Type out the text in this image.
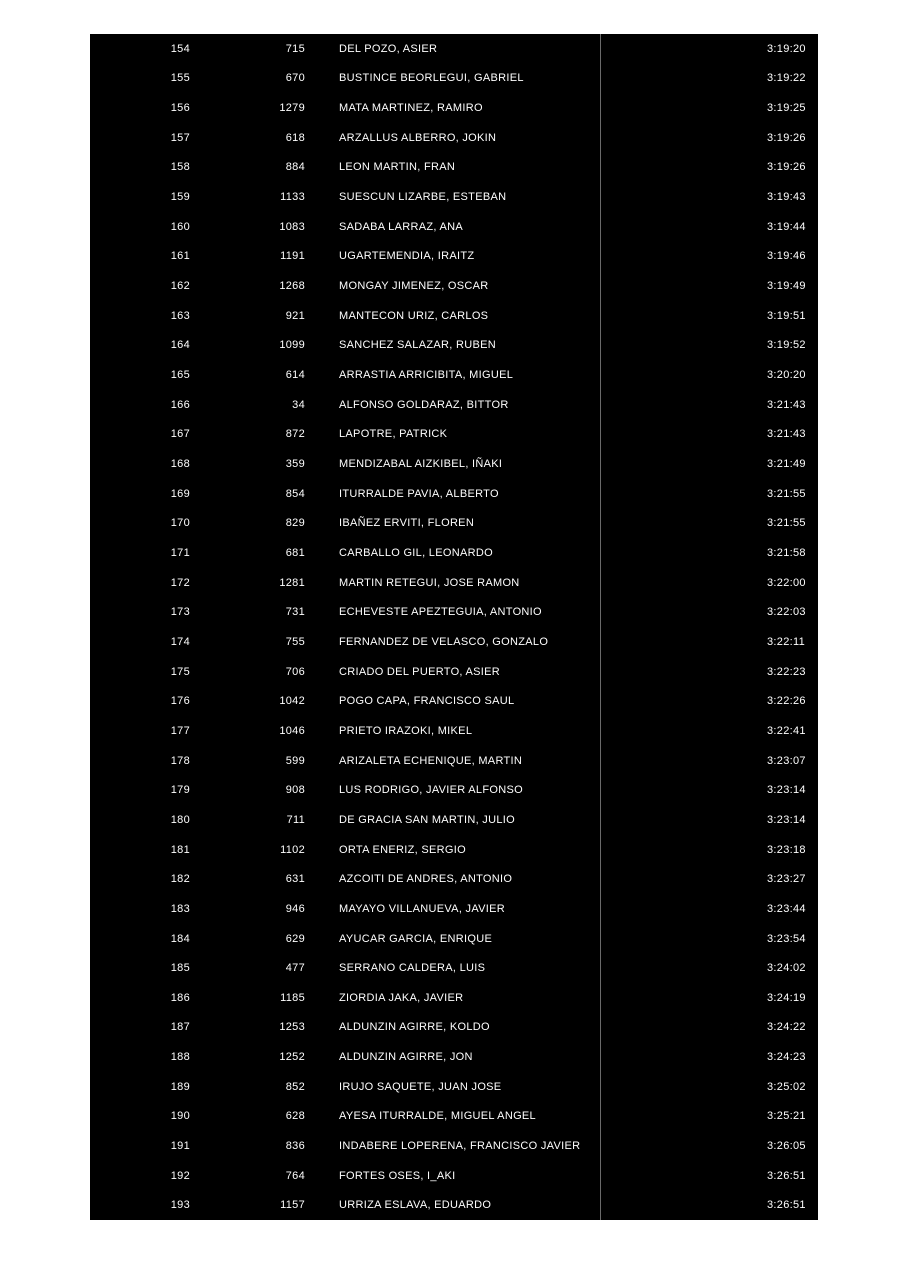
154	715	DEL POZO, ASIER		3:19:20
155	670	BUSTINCE BEORLEGUI, GABRIEL		3:19:22
156	1279	MATA MARTINEZ, RAMIRO		3:19:25
157	618	ARZALLUS ALBERRO, JOKIN		3:19:26
158	884	LEON MARTIN, FRAN		3:19:26
159	1133	SUESCUN LIZARBE, ESTEBAN		3:19:43
160	1083	SADABA LARRAZ, ANA		3:19:44
161	1191	UGARTEMENDIA, IRAITZ		3:19:46
162	1268	MONGAY JIMENEZ, OSCAR		3:19:49
163	921	MANTECON URIZ, CARLOS		3:19:51
164	1099	SANCHEZ SALAZAR, RUBEN		3:19:52
165	614	ARRASTIA ARRICIBITA, MIGUEL		3:20:20
166	34	ALFONSO GOLDARAZ, BITTOR		3:21:43
167	872	LAPOTRE, PATRICK		3:21:43
168	359	MENDIZABAL AIZKIBEL, IÑAKI		3:21:49
169	854	ITURRALDE PAVIA, ALBERTO		3:21:55
170	829	IBAÑEZ ERVITI, FLOREN		3:21:55
171	681	CARBALLO GIL, LEONARDO		3:21:58
172	1281	MARTIN RETEGUI, JOSE RAMON		3:22:00
173	731	ECHEVESTE APEZTEGUIA, ANTONIO		3:22:03
174	755	FERNANDEZ DE VELASCO, GONZALO		3:22:11
175	706	CRIADO DEL PUERTO, ASIER		3:22:23
176	1042	POGO CAPA, FRANCISCO SAUL		3:22:26
177	1046	PRIETO IRAZOKI, MIKEL		3:22:41
178	599	ARIZALETA ECHENIQUE, MARTIN		3:23:07
179	908	LUS RODRIGO, JAVIER ALFONSO		3:23:14
180	711	DE GRACIA SAN MARTIN, JULIO		3:23:14
181	1102	ORTA ENERIZ, SERGIO		3:23:18
182	631	AZCOITI DE ANDRES, ANTONIO		3:23:27
183	946	MAYAYO VILLANUEVA, JAVIER		3:23:44
184	629	AYUCAR GARCIA, ENRIQUE		3:23:54
185	477	SERRANO CALDERA, LUIS		3:24:02
186	1185	ZIORDIA JAKA, JAVIER		3:24:19
187	1253	ALDUNZIN AGIRRE, KOLDO		3:24:22
188	1252	ALDUNZIN AGIRRE, JON		3:24:23
189	852	IRUJO SAQUETE, JUAN JOSE		3:25:02
190	628	AYESA ITURRALDE, MIGUEL ANGEL		3:25:21
191	836	INDABERE LOPERENA, FRANCISCO JAVIER		3:26:05
192	764	FORTES OSES, I_AKI		3:26:51
193	1157	URRIZA ESLAVA, EDUARDO		3:26:51
